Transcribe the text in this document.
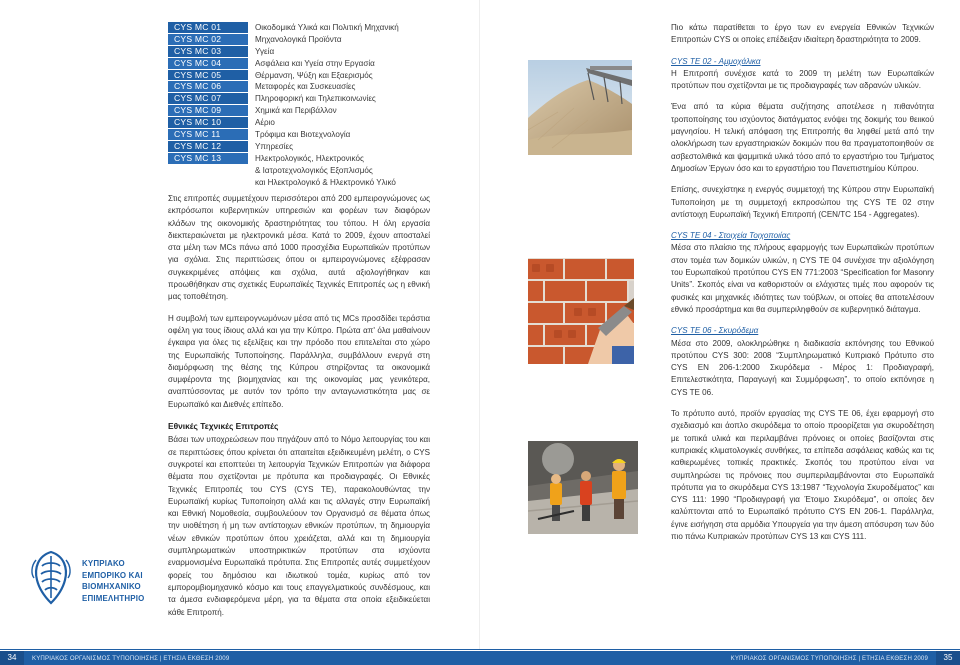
CYS MC 01	Οικοδομικά Υλικά και Πολιτική Μηχανική
CYS MC 02	Μηχανολογικά Προϊόντα
CYS MC 03	Υγεία
CYS MC 04	Ασφάλεια και Υγεία στην Εργασία
CYS MC 05	Θέρμανση, Ψύξη και Εξαερισμός
CYS MC 06	Μεταφορές και Συσκευασίες
CYS MC 07	Πληροφορική και Τηλεπικοινωνίες
CYS MC 09	Χημικά και Περιβάλλον
CYS MC 10	Αέριο
CYS MC 11	Τρόφιμα και Βιοτεχνολογία
CYS MC 12	Υπηρεσίες
CYS MC 13	Ηλεκτρολογικός, Ηλεκτρονικός
& Ιατροτεχνολογικός Εξοπλισμός
και Ηλεκτρολογικό & Ηλεκτρονικό Υλικό

Στις επιτροπές συμμετέχουν περισσότεροι από 200 εμπειρογνώμονες ως εκπρόσωποι κυβερνητικών υπηρεσιών και φορέων των διαφόρων κλάδων της οικονομικής δραστηριότητας του τόπου. Η όλη εργασία διεκπεραιώνεται με ηλεκτρονικά μέσα. Κατά το 2009, έχουν αποσταλεί στα μέλη των MCs πάνω από 1000 προσχέδια Ευρωπαϊκών προτύπων για σχόλια. Στις περιπτώσεις όπου οι εμπειρογνώμονες εξέφρασαν συγκεκριμένες απόψεις και σχόλια, αυτά αξιολογήθηκαν και προωθήθηκαν στις σχετικές Ευρωπαϊκές Τεχνικές Επιτροπές ως η εθνική μας τοποθέτηση.

Η συμβολή των εμπειρογνωμόνων μέσα από τις MCs προσδίδει τεράστια οφέλη για τους ίδιους αλλά και για την Κύπρο. Πρώτα απ' όλα μαθαίνουν έγκαιρα για όλες τις εξελίξεις και την πρόοδο που επιτελείται στο χώρο της Ευρωπαϊκής Τυποποίησης. Παράλληλα, συμβάλλουν ενεργά στη διαμόρφωση της θέσης της Κύπρου στηρίζοντας τα οικονομικά συμφέροντα της βιομηχανίας και της οικονομίας μας γενικότερα, αναπτύσσοντας με αυτόν τον τρόπο την ανταγωνιστικότητα μας σε Ευρωπαϊκό και Διεθνές επίπεδο.

Εθνικές Τεχνικές Επιτροπές

Βάσει των υποχρεώσεων που πηγάζουν από το Νόμο λειτουργίας του και σε περιπτώσεις όπου κρίνεται ότι απαιτείται εξειδικευμένη μελέτη, ο CYS συγκροτεί και εποπτεύει τη λειτουργία Τεχνικών Επιτροπών για διάφορα θέματα που σχετίζονται με πρότυπα και προδιαγραφές. Οι Εθνικές Τεχνικές Επιτροπές του CYS (CYS TE), παρακολουθώντας την Ευρωπαϊκή κυρίως Τυποποίηση αλλά και τις αλλαγές στην Ευρωπαϊκή και Εθνική Νομοθεσία, συμβουλεύουν τον Οργανισμό σε θέματα όπως την υιοθέτηση ή μη των αντίστοιχων εθνικών προτύπων, τη δημιουργία νέων εθνικών προτύπων όπου χρειάζεται, αλλά και τη δημιουργία συμπληρωματικών υποστηρικτικών προτύπων στα ισχύοντα εναρμονισμένα Ευρωπαϊκά πρότυπα. Στις Επιτροπές αυτές συμμετέχουν φορείς του δημόσιου και ιδιωτικού τομέα, κυρίως από τον εμπορομβιομηχανικό κόσμο και τους επαγγελματικούς συνδέσμους, και τα άμεσα ενδιαφερόμενα μέρη, για τα θέματα στα οποία εξειδικεύεται κάθε Επιτροπή.

ΚΥΠΡΙΑΚΟ
ΕΜΠΟΡΙΚΟ ΚΑΙ
ΒΙΟΜΗΧΑΝΙΚΟ
ΕΠΙΜΕΛΗΤΗΡΙΟ

Πιο κάτω παρατίθεται το έργο των εν ενεργεία Εθνικών Τεχνικών Επιτροπών CYS οι οποίες επέδειξαν ιδιαίτερη δραστηριότητα το 2009.

CYS TE 02 - Αμμοχάλικα

Η Επιτροπή συνέχισε κατά το 2009 τη μελέτη των Ευρωπαϊκών προτύπων που σχετίζονται με τις προδιαγραφές των αδρανών υλικών.

Ένα από τα κύρια θέματα συζήτησης αποτέλεσε η πιθανότητα τροποποίησης του ισχύοντος διατάγματος ενόψει της δοκιμής του θειικού μαγνησίου. Η τελική απόφαση της Επιτροπής θα ληφθεί μετά από την ολοκλήρωση των εργαστηριακών δοκιμών που θα πραγματοποιηθούν σε ασβεστολιθικά και ψαμμιτικά υλικά τόσο από το εργαστήριο του Τμήματος Δημοσίων Έργων όσο και το εργαστήριο του Πανεπιστημίου Κύπρου.

Επίσης, συνεχίστηκε η ενεργός συμμετοχή της Κύπρου στην Ευρωπαϊκή Τυποποίηση με τη συμμετοχή εκπροσώπου της CYS TE 02 στην αντίστοιχη Ευρωπαϊκή Τεχνική Επιτροπή (CEN/TC 154 - Aggregates).

CYS TE 04 - Στοιχεία Τοιχοποιίας

Μέσα στο πλαίσιο της πλήρους εφαρμογής των Ευρωπαϊκών προτύπων στον τομέα των δομικών υλικών, η CYS TE 04 συνέχισε την αξιολόγηση του Ευρωπαϊκού προτύπου CYS EN 771:2003 “Specification for Masonry Units”. Σκοπός είναι να καθοριστούν οι ελάχιστες τιμές που αφορούν τις φυσικές και μηχανικές ιδιότητες των τούβλων, οι οποίες θα αποτελέσουν εθνικό προσάρτημα και θα συμπεριληφθούν σε κυβερνητικό διάταγμα.

CYS TE 06 - Σκυρόδεμα

Μέσα στο 2009, ολοκληρώθηκε η διαδικασία εκπόνησης του Εθνικού προτύπου CYS 300: 2008 “Συμπληρωματικό Κυπριακό Πρότυπο στο CYS EN 206-1:2000 Σκυρόδεμα - Μέρος 1: Προδιαγραφή, Επιτελεστικότητα, Παραγωγή και Συμμόρφωση”, το οποίο εκπόνησε η CYS TE 06.

Το πρότυπο αυτό, προϊόν εργασίας της CYS TE 06, έχει εφαρμογή στο σχεδιασμό και άοπλο σκυρόδεμα το οποίο προορίζεται για σκυροδέτηση με τοπικά υλικά και περιλαμβάνει πρόνοιες οι οποίες βασίζονται στις κυπριακές κλιματολογικές συνθήκες, τα επίπεδα ασφάλειας καθώς και τις καθιερωμένες τοπικές πρακτικές. Σκοπός του προτύπου είναι να συμπληρώσει τις πρόνοιες που συμπεριλαμβάνονται στο Ευρωπαϊκά πρότυπα για το σκυρόδεμα CYS 13:1987 “Τεχνολογία Σκυροδέματος” και CYS 111: 1990 “Προδιαγραφή για Έτοιμο Σκυρόδεμα”, οι οποίες δεν καλύπτονται από το Ευρωπαϊκό πρότυπο CYS EN 206-1. Παράλληλα, έγινε εισήγηση στα αρμόδια Υπουργεία για την άμεση απόσυρση των δύο πιο πάνω Κυπριακών προτύπων CYS 13 και CYS 111.

34	ΚΥΠΡΙΑΚΟΣ ΟΡΓΑΝΙΣΜΟΣ ΤΥΠΟΠΟΙΗΣΗΣ | ΕΤΗΣΙΑ ΕΚΘΕΣΗ 2009	ΚΥΠΡΙΑΚΟΣ ΟΡΓΑΝΙΣΜΟΣ ΤΥΠΟΠΟΙΗΣΗΣ | ΕΤΗΣΙΑ ΕΚΘΕΣΗ 2009	35
